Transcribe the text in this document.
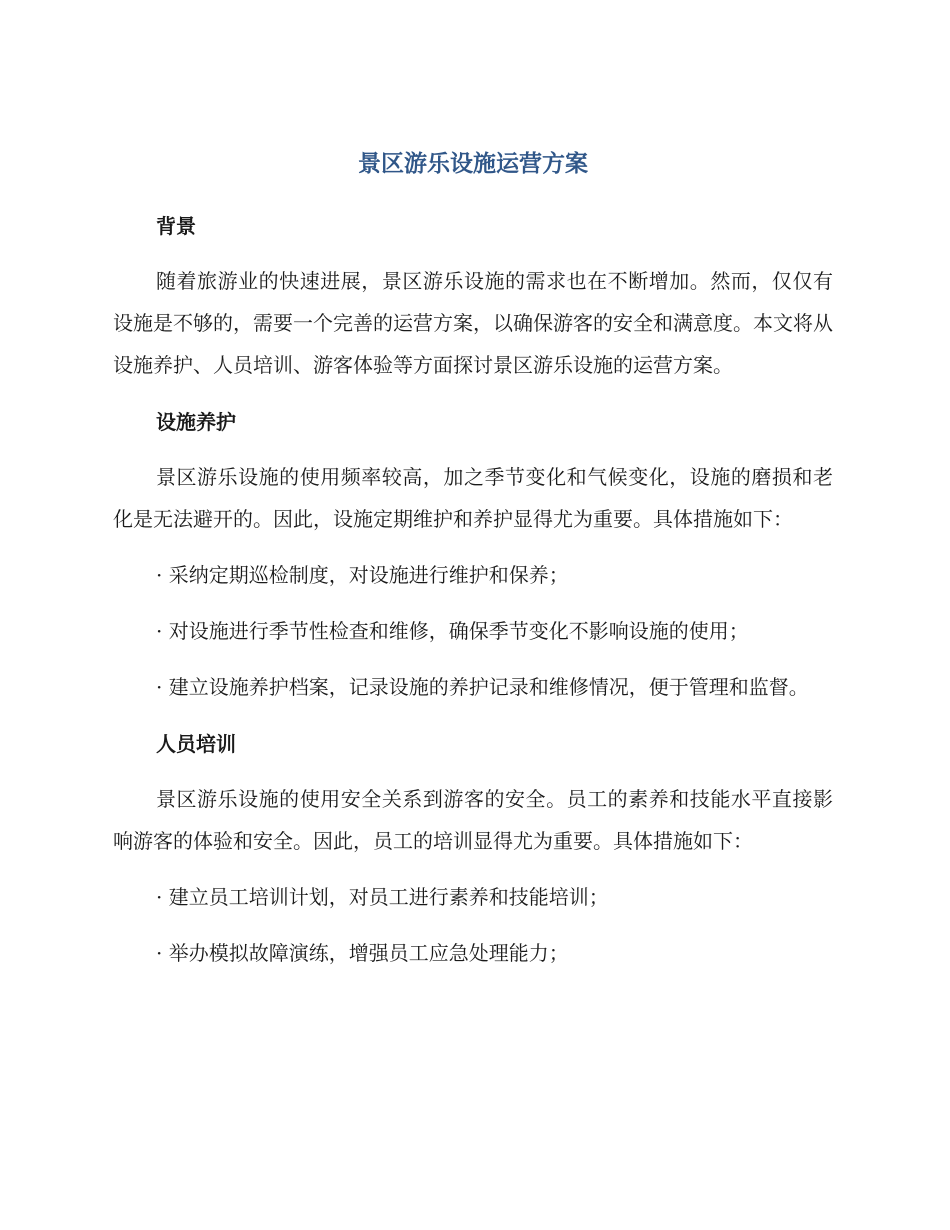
景区游乐设施运营方案
背景

随着旅游业的快速进展，景区游乐设施的需求也在不断增加。然而，仅仅有设施是不够的，需要一个完善的运营方案，以确保游客的安全和满意度。本文将从设施养护、人员培训、游客体验等方面探讨景区游乐设施的运营方案。

设施养护

景区游乐设施的使用频率较高，加之季节变化和气候变化，设施的磨损和老化是无法避开的。因此，设施定期维护和养护显得尤为重要。具体措施如下：

· 采纳定期巡检制度，对设施进行维护和保养；

· 对设施进行季节性检查和维修，确保季节变化不影响设施的使用；

· 建立设施养护档案，记录设施的养护记录和维修情况，便于管理和监督。

人员培训

景区游乐设施的使用安全关系到游客的安全。员工的素养和技能水平直接影响游客的体验和安全。因此，员工的培训显得尤为重要。具体措施如下：

· 建立员工培训计划，对员工进行素养和技能培训；

· 举办模拟故障演练，增强员工应急处理能力；
